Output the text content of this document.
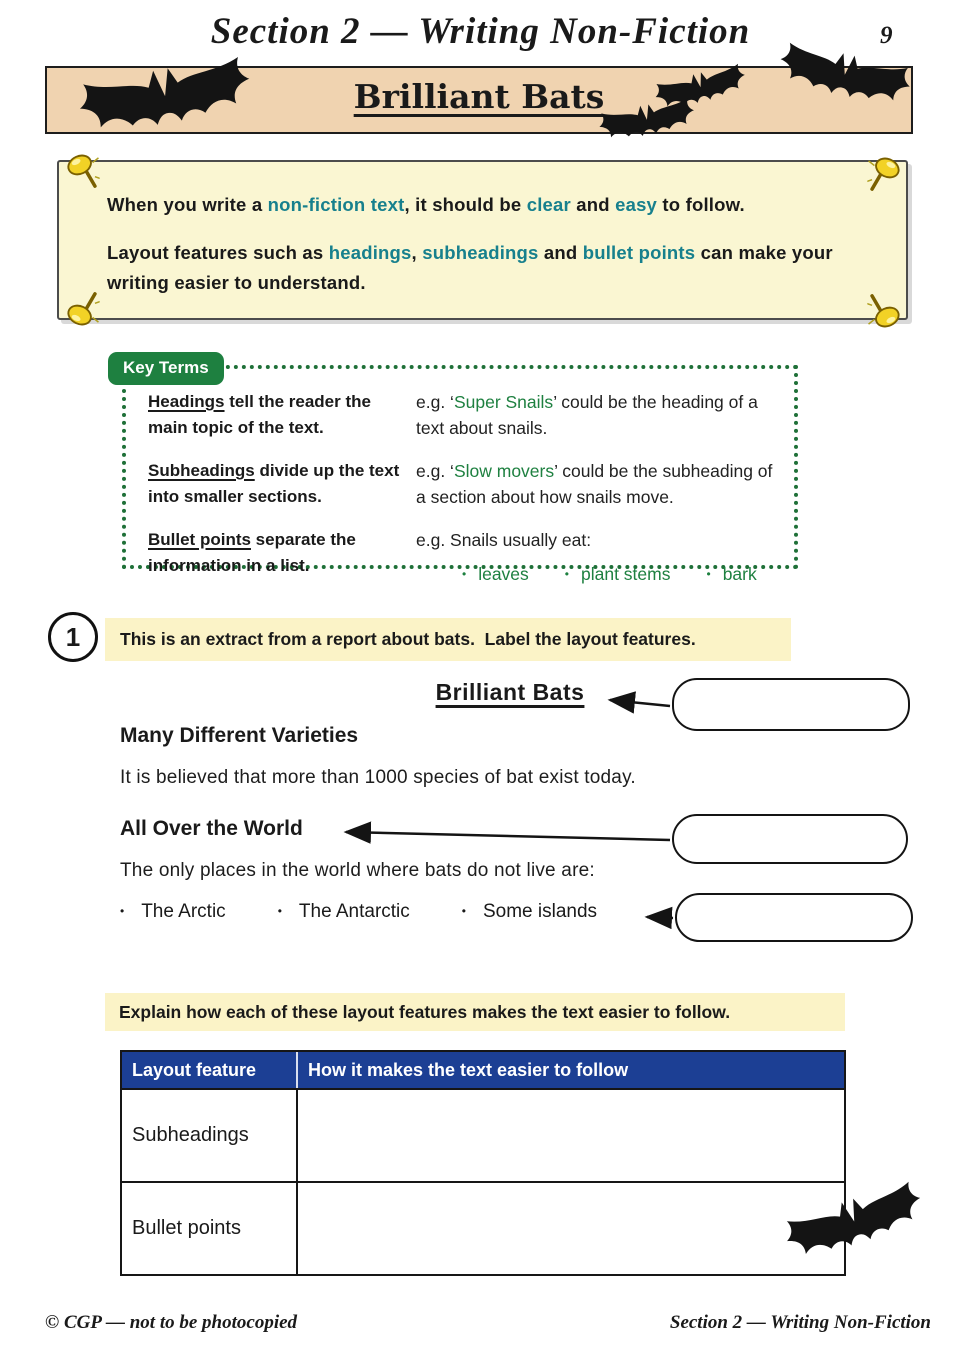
Section 2 — Writing Non-Fiction	9
Brilliant Bats

When you write a non-fiction text, it should be clear and easy to follow.

Layout features such as headings, subheadings and bullet points can make your writing easier to understand.

Key Terms
Headings tell the reader the main topic of the text.
e.g. ‘Super Snails’ could be the heading of a text about snails.
Subheadings divide up the text into smaller sections.
e.g. ‘Slow movers’ could be the subheading of a section about how snails move.
Bullet points separate the information in a list.
e.g. Snails usually eat:
• leaves	• plant stems	• bark
1	This is an extract from a report about bats.  Label the layout features.
Brilliant Bats
Many Different Varieties

It is believed that more than 1000 species of bat exist today.

All Over the World

The only places in the world where bats do not live are:

• The Arctic	• The Antarctic	• Some islands
Explain how each of these layout features makes the text easier to follow.
Layout feature	How it makes the text easier to follow
Subheadings
Bullet points
© CGP — not to be photocopied	Section 2 — Writing Non-Fiction
